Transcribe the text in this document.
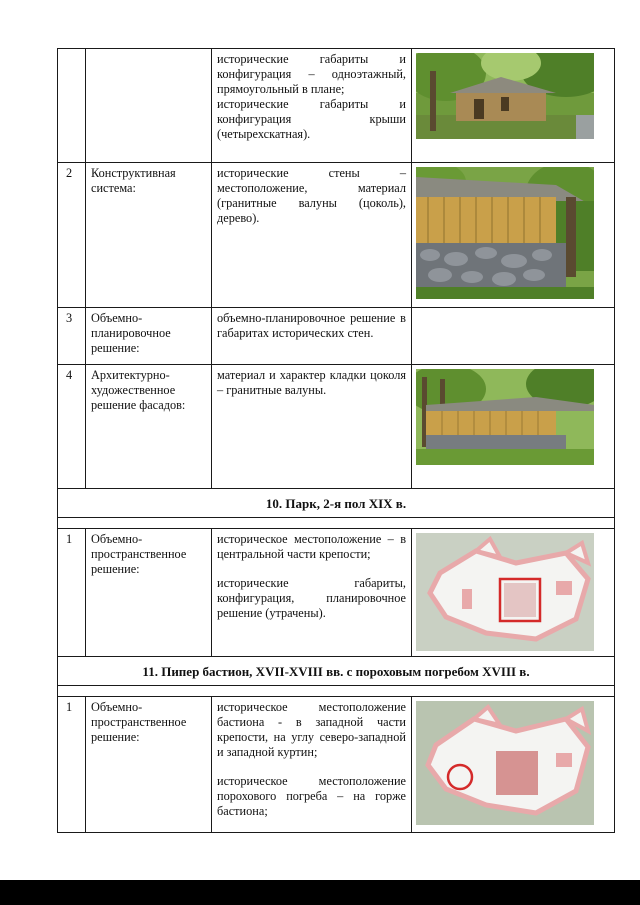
		исторические габариты и конфигурация – одноэтажный, прямоугольный в плане;
исторические габариты и конфигурация крыши (четырехскатная).

2	Конструктивная система:	исторические стены – местоположение, материал (гранитные валуны (цоколь), дерево).

3	Объемно-планировочное решение:	объемно-планировочное решение в габаритах исторических стен.	

4	Архитектурно-художественное решение фасадов:	материал и характер кладки цоколя – гранитные валуны.

10. Парк, 2-я пол XIX в.			

1	Объемно-пространственное решение:	историческое местоположение – в центральной части крепости;
исторические габариты, конфигурация, планировочное решение (утрачены).

11. Пипер бастион, XVII-XVIII вв. с пороховым погребом XVIII в.			

1	Объемно-пространственное решение:	историческое местоположение бастиона - в западной части крепости, на углу северо-западной и западной куртин;
историческое местоположение порохового погреба – на горже бастиона;
